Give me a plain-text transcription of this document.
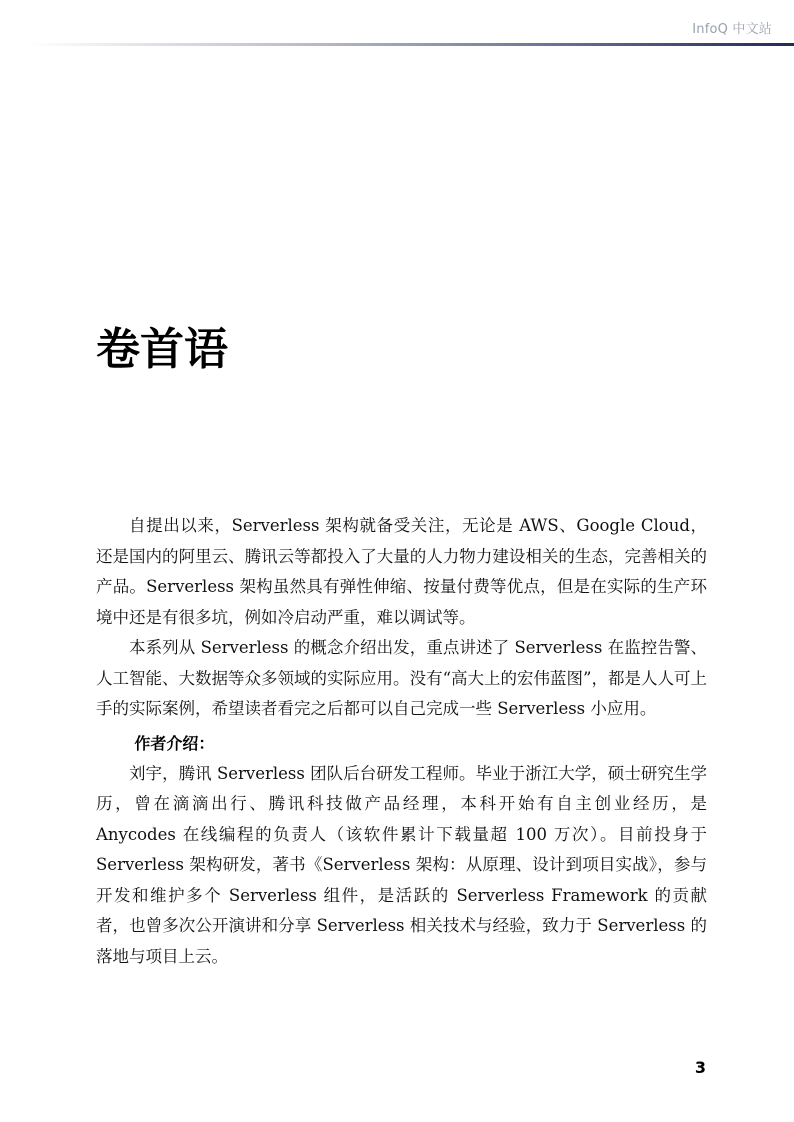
InfoQ 中文站
卷首语

自提出以来，Serverless 架构就备受关注，无论是 AWS、Google Cloud，还是国内的阿里云、腾讯云等都投入了大量的人力物力建设相关的生态，完善相关的产品。Serverless 架构虽然具有弹性伸缩、按量付费等优点，但是在实际的生产环境中还是有很多坑，例如冷启动严重，难以调试等。

本系列从 Serverless 的概念介绍出发，重点讲述了 Serverless 在监控告警、人工智能、大数据等众多领域的实际应用。没有“高大上的宏伟蓝图”，都是人人可上手的实际案例，希望读者看完之后都可以自己完成一些 Serverless 小应用。

作者介绍：

刘宇，腾讯 Serverless 团队后台研发工程师。毕业于浙江大学，硕士研究生学历，曾在滴滴出行、腾讯科技做产品经理，本科开始有自主创业经历，是 Anycodes 在线编程的负责人（该软件累计下载量超 100 万次）。目前投身于 Serverless 架构研发，著书《Serverless 架构：从原理、设计到项目实战》，参与开发和维护多个 Serverless 组件，是活跃的 Serverless Framework 的贡献者，也曾多次公开演讲和分享 Serverless 相关技术与经验，致力于 Serverless 的落地与项目上云。

3
